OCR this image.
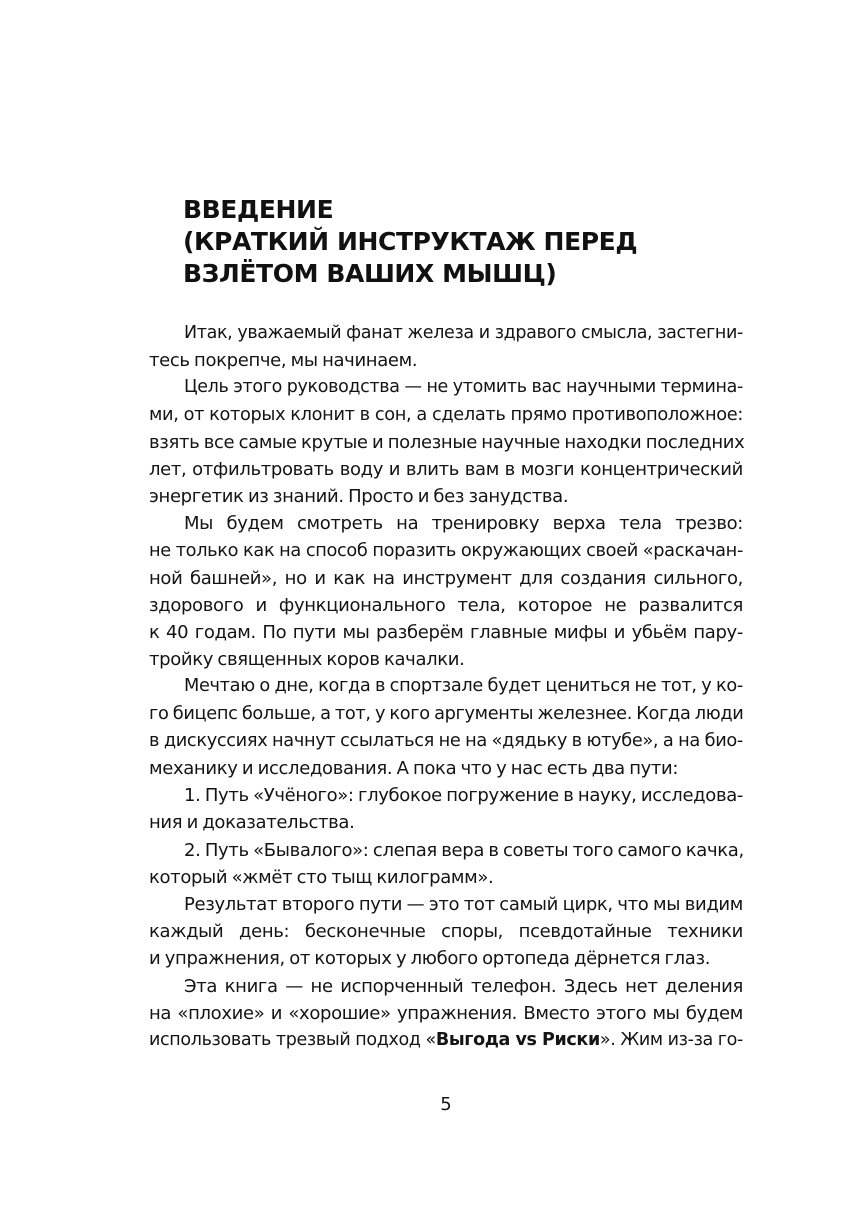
ВВЕДЕНИЕ
(КРАТКИЙ ИНСТРУКТАЖ ПЕРЕД
ВЗЛЁТОМ ВАШИХ МЫШЦ)
Итак, уважаемый фанат железа и здравого смысла, застегни-
тесь покрепче, мы начинаем.
Цель этого руководства — не утомить вас научными термина-
ми, от которых клонит в сон, а сделать прямо противоположное:
взять все самые крутые и полезные научные находки последних
лет, отфильтровать воду и влить вам в мозги концентрический
энергетик из знаний. Просто и без занудства.
Мы будем смотреть на тренировку верха тела трезво:
не только как на способ поразить окружающих своей «раскачан-
ной башней», но и как на инструмент для создания сильного,
здорового и функционального тела, которое не развалится
к 40 годам. По пути мы разберём главные мифы и убьём пару-
тройку священных коров качалки.
Мечтаю о дне, когда в спортзале будет цениться не тот, у ко-
го бицепс больше, а тот, у кого аргументы железнее. Когда люди
в дискуссиях начнут ссылаться не на «дядьку в ютубе», а на био-
механику и исследования. А пока что у нас есть два пути:
1. Путь «Учёного»: глубокое погружение в науку, исследова-
ния и доказательства.
2. Путь «Бывалого»: слепая вера в советы того самого качка,
который «жмёт сто тыщ килограмм».
Результат второго пути — это тот самый цирк, что мы видим
каждый день: бесконечные споры, псевдотайные техники
и упражнения, от которых у любого ортопеда дёрнется глаз.
Эта книга — не испорченный телефон. Здесь нет деления
на «плохие» и «хорошие» упражнения. Вместо этого мы будем
использовать трезвый подход «Выгода vs Риски». Жим из-за го-
5
